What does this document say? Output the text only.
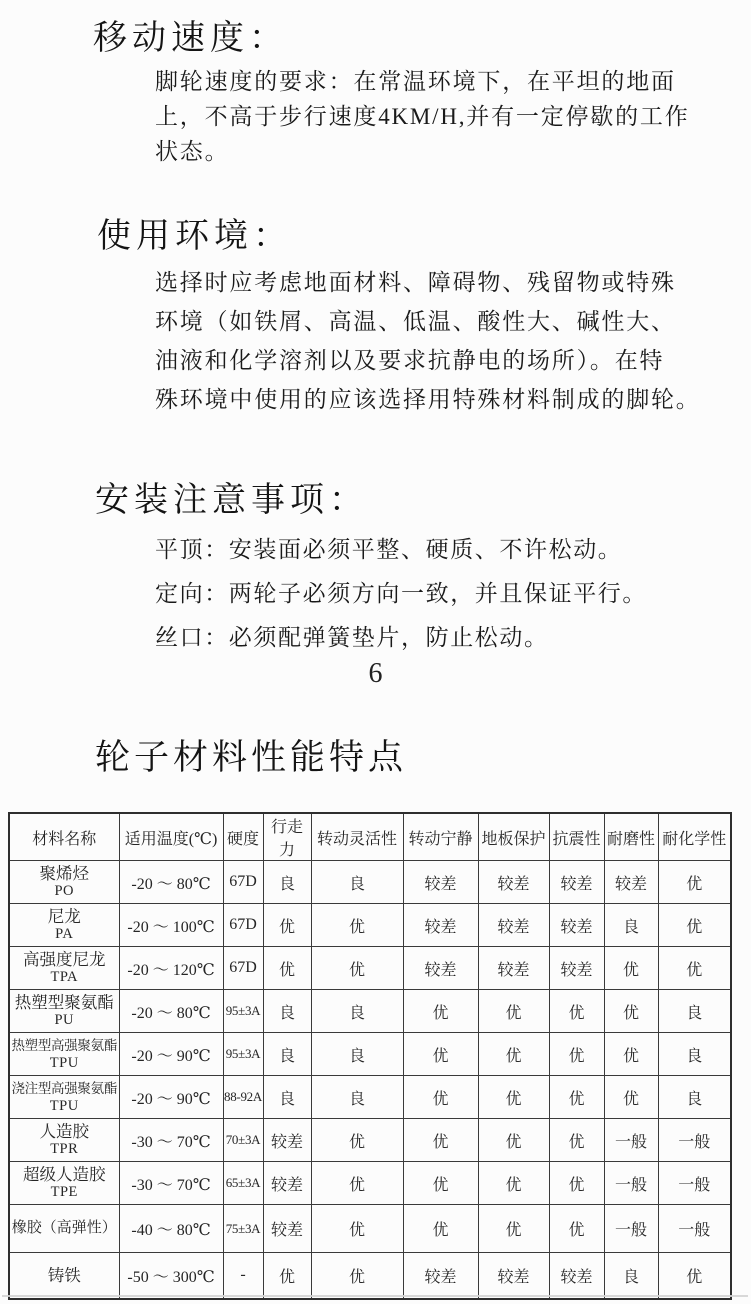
移动速度：
脚轮速度的要求：在常温环境下，在平坦的地面
上，不高于步行速度4KM/H,并有一定停歇的工作
状态。
使用环境：
选择时应考虑地面材料、障碍物、残留物或特殊
环境（如铁屑、高温、低温、酸性大、碱性大、
油液和化学溶剂以及要求抗静电的场所）。在特
殊环境中使用的应该选择用特殊材料制成的脚轮。
安装注意事项：
平顶：安装面必须平整、硬质、不许松动。
定向：两轮子必须方向一致，并且保证平行。
丝口：必须配弹簧垫片，防止松动。
6
轮子材料性能特点
材料名称	适用温度(℃)	硬度	行走力	转动灵活性	转动宁静	地板保护	抗震性	耐磨性	耐化学性

聚烯烃
PO	-20 ～ 80℃	67D	良	良	较差	较差	较差	较差	优

尼龙
PA	-20 ～ 100℃	67D	优	优	较差	较差	较差	良	优

高强度尼龙
TPA	-20 ～ 120℃	67D	优	优	较差	较差	较差	优	优

热塑型聚氨酯
PU	-20 ～ 80℃	95±3A	良	良	优	优	优	优	良

热塑型高强聚氨酯
TPU	-20 ～ 90℃	95±3A	良	良	优	优	优	优	良

浇注型高强聚氨酯
TPU	-20 ～ 90℃	88-92A	良	良	优	优	优	优	良

人造胶
TPR	-30 ～ 70℃	70±3A	较差	优	优	优	优	一般	一般

超级人造胶
TPE	-30 ～ 70℃	65±3A	较差	优	优	优	优	一般	一般

橡胶（高弹性）	-40 ～ 80℃	75±3A	较差	优	优	优	优	一般	一般

铸铁	-50 ～ 300℃	-	优	优	较差	较差	较差	良	优
